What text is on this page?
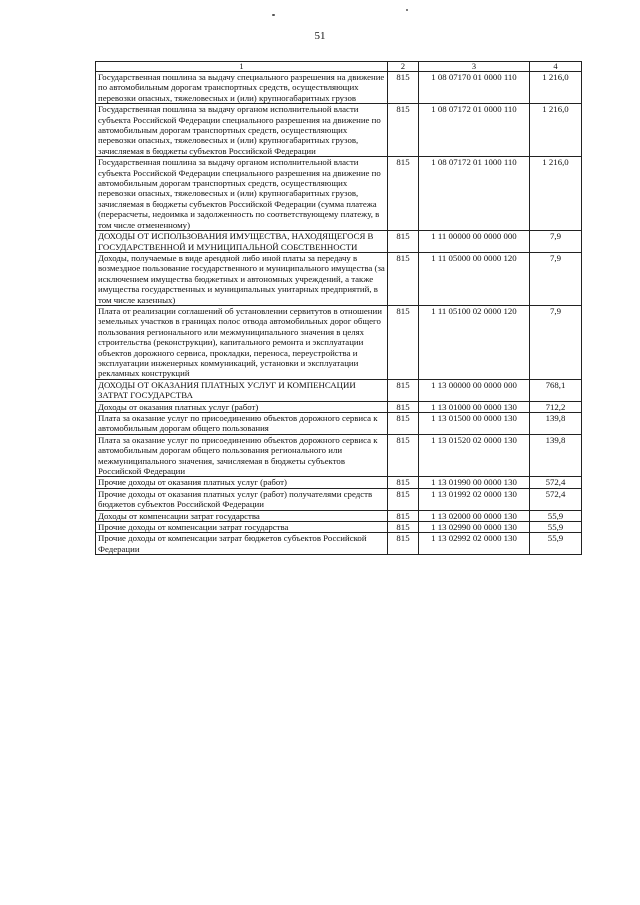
51
1	2	3	4
Государственная пошлина за выдачу специального разрешения на движение по автомобильным дорогам транспортных средств, осуществляющих перевозки опасных, тяжеловесных и (или) крупногабаритных грузов	815	1 08 07170 01 0000 110	1 216,0
Государственная пошлина за выдачу органом исполнительной власти субъекта Российской Федерации специального разрешения на движение по автомобильным дорогам транспортных средств, осуществляющих перевозки опасных, тяжеловесных и (или) крупногабаритных грузов, зачисляемая в бюджеты субъектов Российской Федерации	815	1 08 07172 01 0000 110	1 216,0
Государственная пошлина за выдачу органом исполнительной власти субъекта Российской Федерации специального разрешения на движение по автомобильным дорогам транспортных средств, осуществляющих перевозки опасных, тяжеловесных и (или) крупногабаритных грузов, зачисляемая в бюджеты субъектов Российской Федерации (сумма платежа (перерасчеты, недоимка и задолженность по соответствующему платежу, в том числе отмененному)	815	1 08 07172 01 1000 110	1 216,0
ДОХОДЫ ОТ ИСПОЛЬЗОВАНИЯ ИМУЩЕСТВА, НАХОДЯЩЕГОСЯ В ГОСУДАРСТВЕННОЙ И МУНИЦИПАЛЬНОЙ СОБСТВЕННОСТИ	815	1 11 00000 00 0000 000	7,9
Доходы, получаемые в виде арендной либо иной платы за передачу в возмездное пользование государственного и муниципального имущества (за исключением имущества бюджетных и автономных учреждений, а также имущества государственных и муниципальных унитарных предприятий, в том числе казенных)	815	1 11 05000 00 0000 120	7,9
Плата от реализации соглашений об установлении сервитутов в отношении земельных участков в границах полос отвода автомобильных дорог общего пользования регионального или межмуниципального значения в целях строительства (реконструкции), капитального ремонта и эксплуатации объектов дорожного сервиса, прокладки, переноса, переустройства и эксплуатации инженерных коммуникаций, установки и эксплуатации рекламных конструкций	815	1 11 05100 02 0000 120	7,9
ДОХОДЫ ОТ ОКАЗАНИЯ ПЛАТНЫХ УСЛУГ И КОМПЕНСАЦИИ ЗАТРАТ ГОСУДАРСТВА	815	1 13 00000 00 0000 000	768,1
Доходы от оказания платных услуг (работ)	815	1 13 01000 00 0000 130	712,2
Плата за оказание услуг по присоединению объектов дорожного сервиса к автомобильным дорогам общего пользования	815	1 13 01500 00 0000 130	139,8
Плата за оказание услуг по присоединению объектов дорожного сервиса к автомобильным дорогам общего пользования регионального или межмуниципального значения, зачисляемая в бюджеты субъектов Российской Федерации	815	1 13 01520 02 0000 130	139,8
Прочие доходы от оказания платных услуг (работ)	815	1 13 01990 00 0000 130	572,4
Прочие доходы от оказания платных услуг (работ) получателями средств бюджетов субъектов Российской Федерации	815	1 13 01992 02 0000 130	572,4
Доходы от компенсации затрат государства	815	1 13 02000 00 0000 130	55,9
Прочие доходы от компенсации затрат государства	815	1 13 02990 00 0000 130	55,9
Прочие доходы от компенсации затрат бюджетов субъектов Российской Федерации	815	1 13 02992 02 0000 130	55,9
